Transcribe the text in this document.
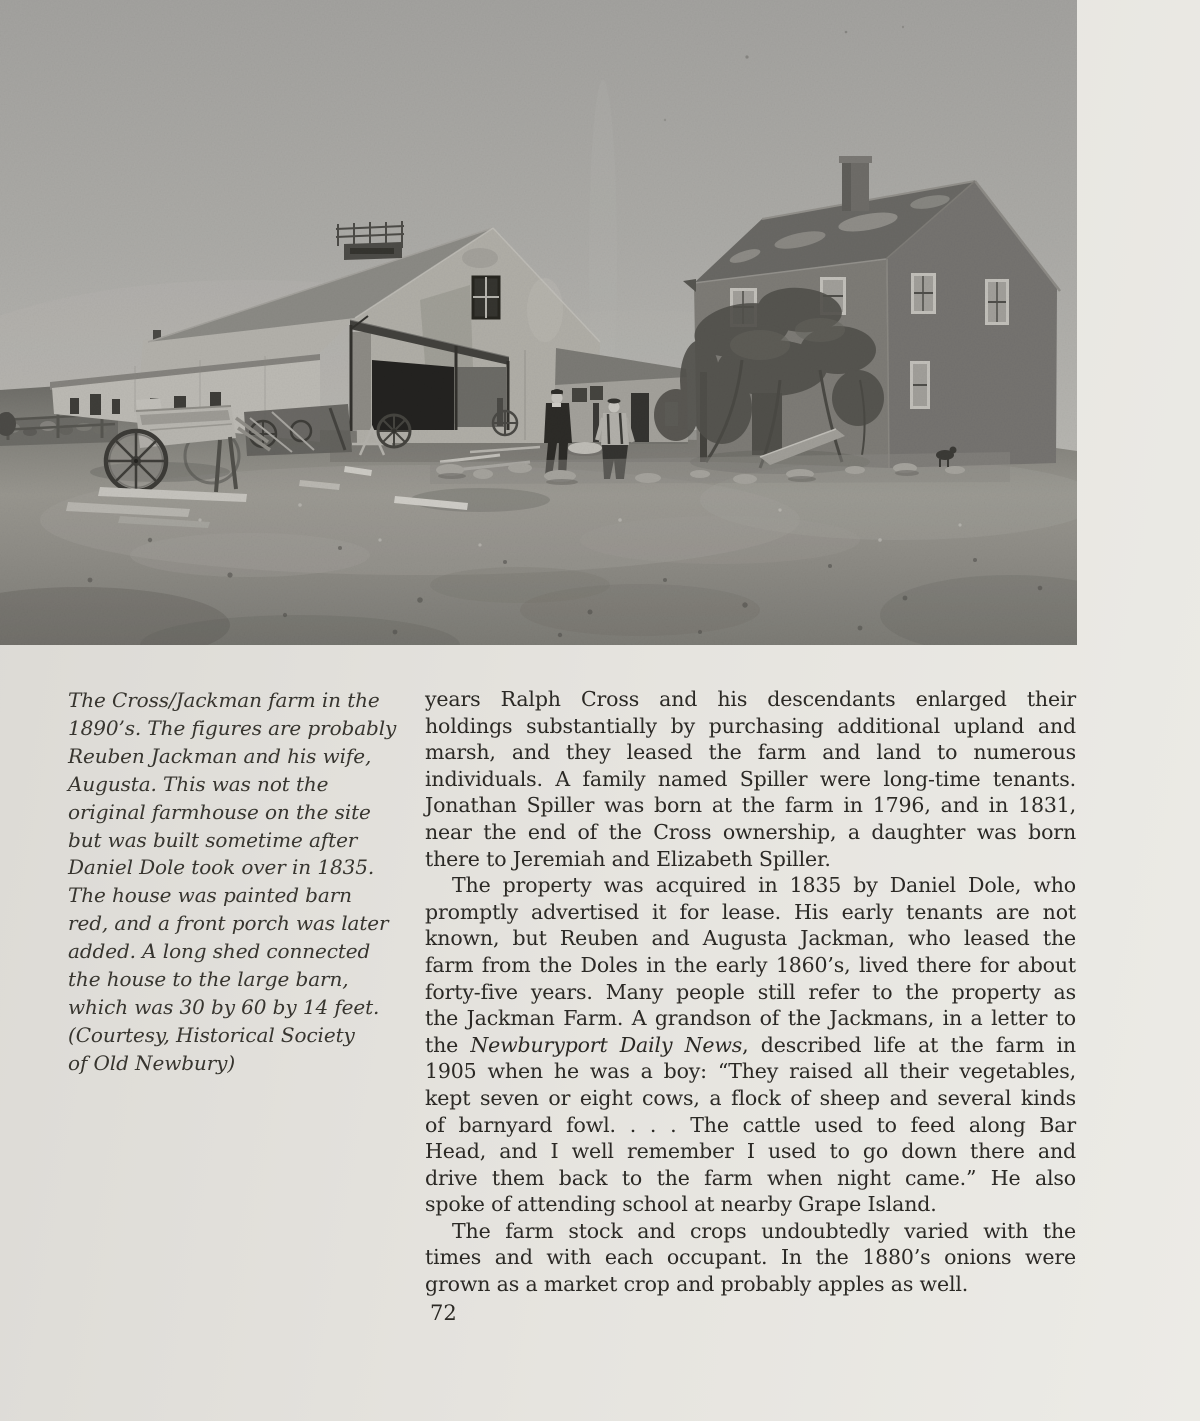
The Cross/Jackman farm in the
1890’s. The figures are probably
Reuben Jackman and his wife,
Augusta. This was not the
original farmhouse on the site
but was built sometime after
Daniel Dole took over in 1835.
The house was painted barn
red, and a front porch was later
added. A long shed connected
the house to the large barn,
which was 30 by 60 by 14 feet.
(Courtesy, Historical Society
of Old Newbury)
years Ralph Cross and his descendants enlarged their
holdings substantially by purchasing additional upland and
marsh, and they leased the farm and land to numerous
individuals. A family named Spiller were long-time tenants.
Jonathan Spiller was born at the farm in 1796, and in 1831,
near the end of the Cross ownership, a daughter was born
there to Jeremiah and Elizabeth Spiller.
The property was acquired in 1835 by Daniel Dole, who
promptly advertised it for lease. His early tenants are not
known, but Reuben and Augusta Jackman, who leased the
farm from the Doles in the early 1860’s, lived there for about
forty-five years. Many people still refer to the property as
the Jackman Farm. A grandson of the Jackmans, in a letter to
the Newburyport Daily News, described life at the farm in
1905 when he was a boy: “They raised all their vegetables,
kept seven or eight cows, a flock of sheep and several kinds
of barnyard fowl. . . . The cattle used to feed along Bar
Head, and I well remember I used to go down there and
drive them back to the farm when night came.” He also
spoke of attending school at nearby Grape Island.
The farm stock and crops undoubtedly varied with the
times and with each occupant. In the 1880’s onions were
grown as a market crop and probably apples as well.
72
